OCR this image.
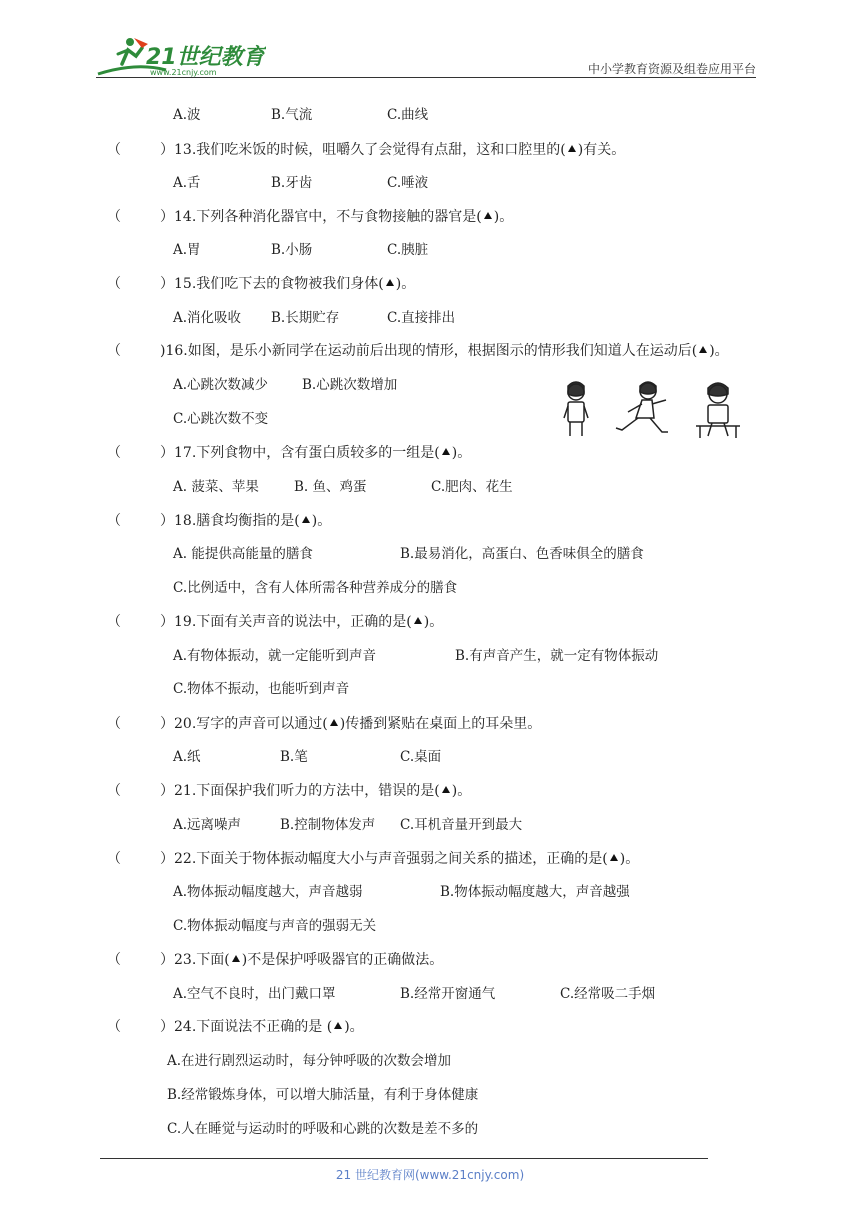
21世纪教育
www.21cnjy.com	中小学教育资源及组卷应用平台
A.波	B.气流	C.曲线
（	）13.我们吃米饭的时候，咀嚼久了会觉得有点甜，这和口腔里的( )有关。
A.舌	B.牙齿	C.唾液
（	）14.下列各种消化器官中，不与食物接触的器官是( )。
A.胃	B.小肠	C.胰脏
（	）15.我们吃下去的食物被我们身体( )。
A.消化吸收 B.长期贮存	C.直接排出
（	)16.如图，是乐小新同学在运动前后出现的情形，根据图示的情形我们知道人在运动后( )。
A.心跳次数减少	B.心跳次数增加
C.心跳次数不变
（	）17.下列食物中，含有蛋白质较多的一组是( )。
A. 菠菜、苹果	B. 鱼、鸡蛋	C.肥肉、花生
（	）18.膳食均衡指的是( )。
A. 能提供高能量的膳食	B.最易消化，高蛋白、色香味俱全的膳食
C.比例适中，含有人体所需各种营养成分的膳食
（	）19.下面有关声音的说法中，正确的是( )。
A.有物体振动，就一定能听到声音	B.有声音产生，就一定有物体振动
C.物体不振动，也能听到声音
（	）20.写字的声音可以通过( )传播到紧贴在桌面上的耳朵里。
A.纸	B.笔	C.桌面
（	）21.下面保护我们听力的方法中，错误的是( )。
A.远离噪声	B.控制物体发声 C.耳机音量开到最大
（	）22.下面关于物体振动幅度大小与声音强弱之间关系的描述，正确的是( )。
A.物体振动幅度越大，声音越弱	B.物体振动幅度越大，声音越强
C.物体振动幅度与声音的强弱无关
（	）23.下面( )不是保护呼吸器官的正确做法。
A.空气不良时，出门戴口罩	B.经常开窗通气	C.经常吸二手烟
（	）24.下面说法不正确的是 ( )。
A.在进行剧烈运动时，每分钟呼吸的次数会增加
B.经常锻炼身体，可以增大肺活量，有利于身体健康
C.人在睡觉与运动时的呼吸和心跳的次数是差不多的
21 世纪教育网(www.21cnjy.com)
